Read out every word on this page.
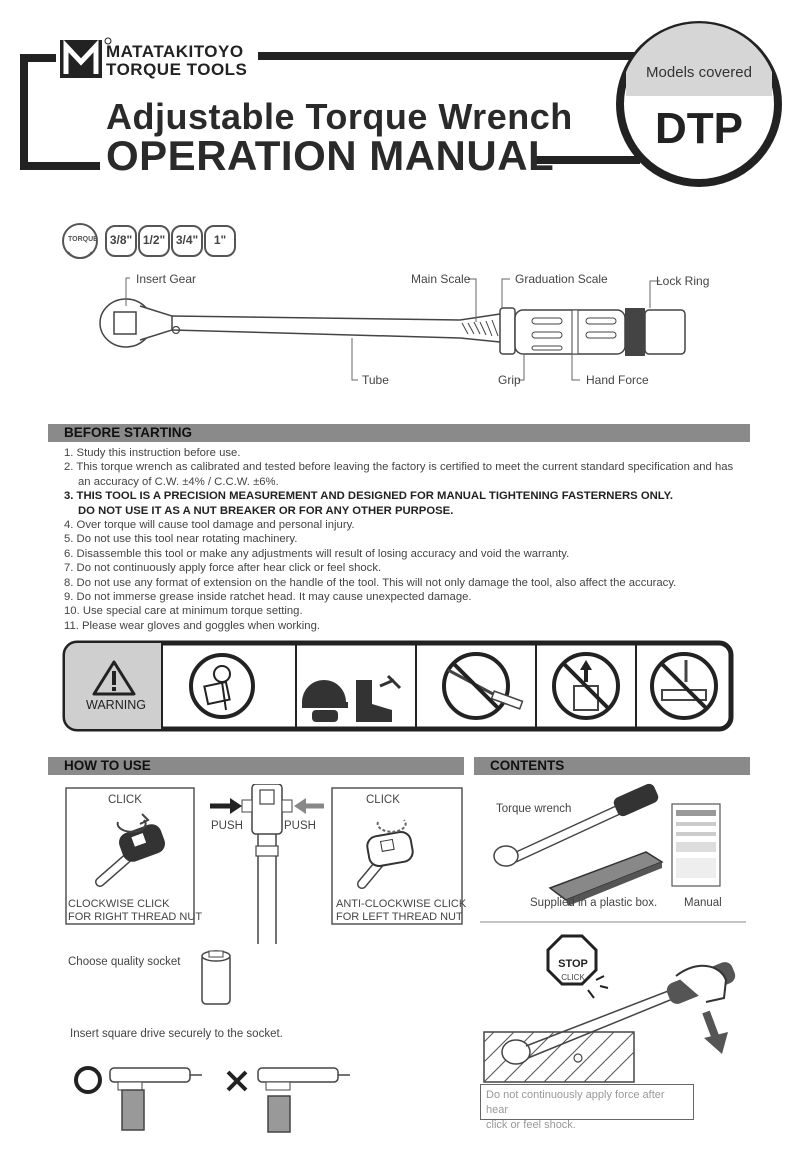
MATATAKITOYO
TORQUE TOOLS
Adjustable Torque Wrench
OPERATION MANUAL
Models covered
DTP
TORQUE 3/8" 1/2" 3/4"	1"
Insert Gear	Main Scale	Graduation Scale	Lock Ring
Tube	Grip	Hand Force
BEFORE STARTING
1. Study this instruction before use.
2. This torque wrench as calibrated and tested before leaving the factory is certified to meet the current standard specification and has
an accuracy of C.W. ±4% / C.C.W. ±6%.
3. THIS TOOL IS A PRECISION MEASUREMENT AND DESIGNED FOR MANUAL TIGHTENING FASTERNERS ONLY.
DO NOT USE IT AS A NUT BREAKER OR FOR ANY OTHER PURPOSE.
4. Over torque will cause tool damage and personal injury.
5. Do not use this tool near rotating machinery.
6. Disassemble this tool or make any adjustments will result of losing accuracy and void the warranty.
7. Do not continuously apply force after hear click or feel shock.
8. Do not use any format of extension on the handle of the tool. This will not only damage the tool, also affect the accuracy.
9. Do not immerse grease inside ratchet head. It may cause unexpected damage.
10. Use special care at minimum torque setting.
11. Please wear gloves and goggles when working.
WARNING
HOW TO USE
CLICK	CLICK
PUSH	PUSH
CLOCKWISE CLICK
FOR RIGHT THREAD NUT
ANTI-CLOCKWISE CLICK
FOR LEFT THREAD NUT
Choose quality socket
Insert square drive securely to the socket.
CONTENTS
Torque wrench
Supplied in a plastic box. Manual
STOP
CLICK
Do not continuously apply force after hear
click or feel shock.
